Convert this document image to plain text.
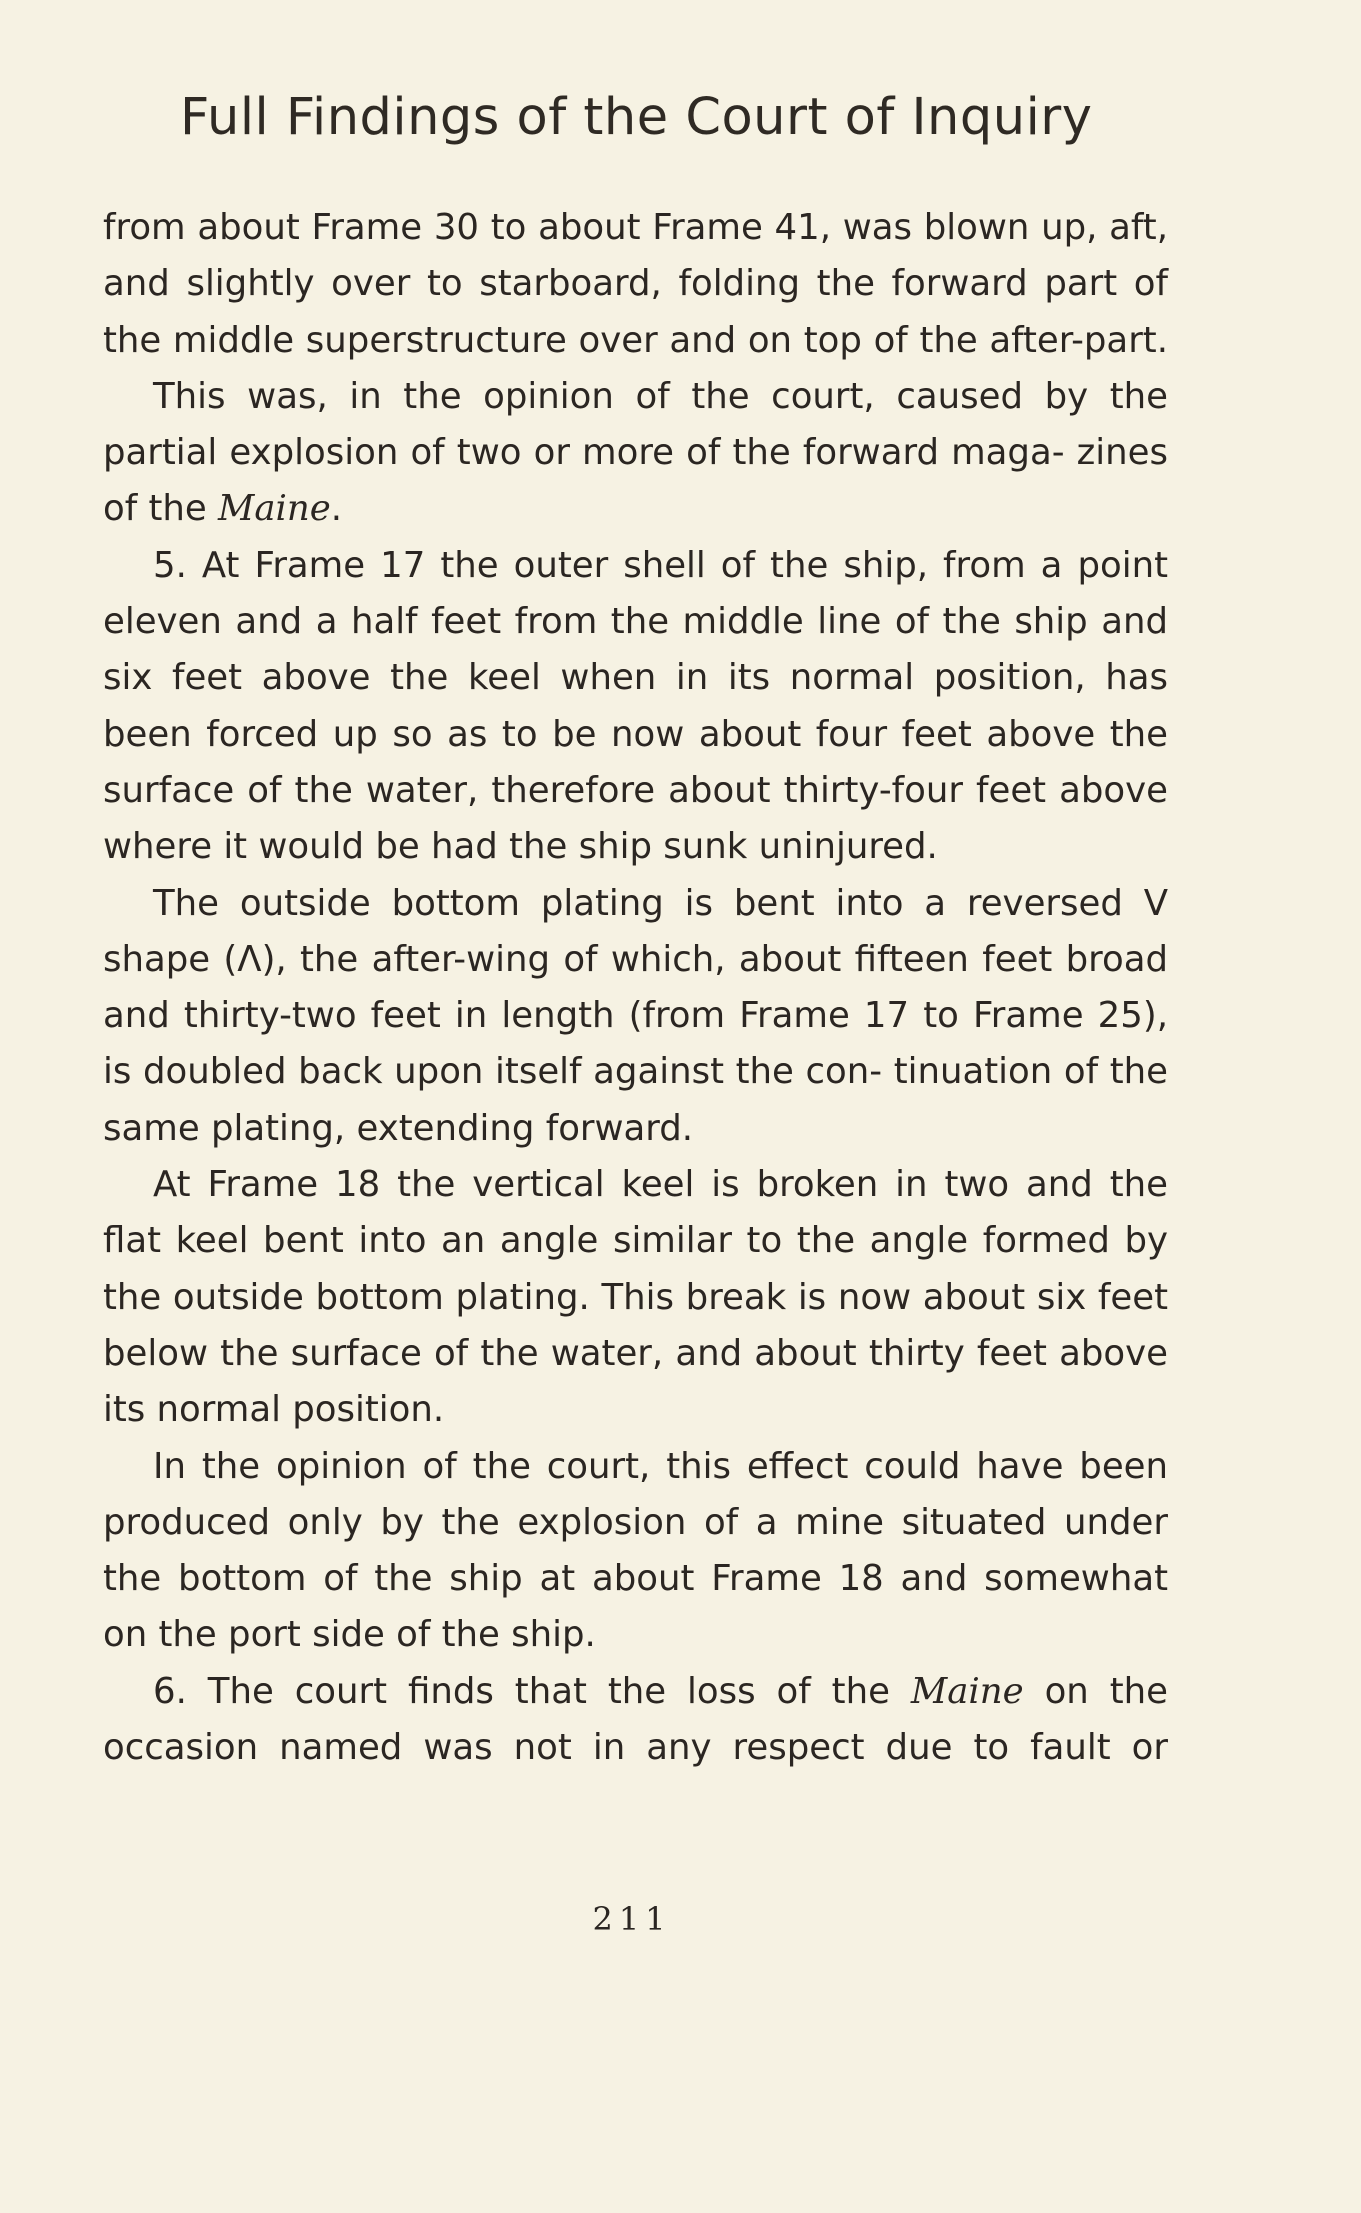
Full Findings of the Court of Inquiry

from about Frame 30 to about Frame 41, was blown up, aft, and slightly over to starboard, folding the forward part of the middle superstructure over and on top of the after-part.

This was, in the opinion of the court, caused by the partial explosion of two or more of the forward maga- zines of the Maine.

5. At Frame 17 the outer shell of the ship, from a point eleven and a half feet from the middle line of the ship and six feet above the keel when in its normal position, has been forced up so as to be now about four feet above the surface of the water, therefore about thirty-four feet above where it would be had the ship sunk uninjured.

The outside bottom plating is bent into a reversed V shape (Λ), the after-wing of which, about fifteen feet broad and thirty-two feet in length (from Frame 17 to Frame 25), is doubled back upon itself against the con- tinuation of the same plating, extending forward.

At Frame 18 the vertical keel is broken in two and the flat keel bent into an angle similar to the angle formed by the outside bottom plating. This break is now about six feet below the surface of the water, and about thirty feet above its normal position.

In the opinion of the court, this effect could have been produced only by the explosion of a mine situated under the bottom of the ship at about Frame 18 and somewhat on the port side of the ship.

6. The court finds that the loss of the Maine on the occasion named was not in any respect due to fault or

211
